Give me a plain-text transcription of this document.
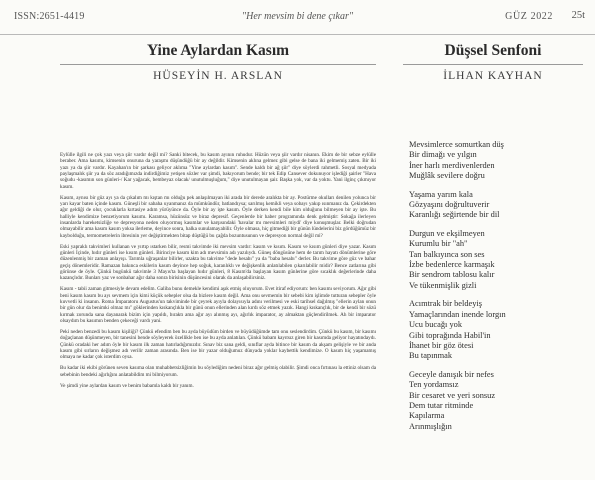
ISSN:2651-4419	"Her mevsim bi dene çıkar"	GÜZ 2022 25t
Yine Aylardan Kasım
HÜSEYİN H. ARSLAN

Eylülle ilgili ne çok yazı veya şiir vardır değil mi? Sanki bitecek, bu kasım ayının ruhudur. Hüzün veya şiir vardır nisanın. Ekim de bir sebze eylülle beraber. Ama kasımı, kimsenin onuruna da yaraşmı düşündüğü bir ay değildir. Kimsenin aklına gelmez gibi gelse de bana iki gelmemiş zaten. Bir iki yazı ya da şiir vardır. Kayahan'ın bir şarkası geliyor aklıma "Yine aylardan kasım". Sende kaldı bir ağ şiir" diye söylerdi rahmetli. Sosyal medyada paylaşmalık şiir ya da söz aradığımızda indirdiğimiz yetişen sözler var şimdi, bakıyorum bende; bir tek Edip Cansever dokunuyor işlediği şairler "Hava soğudu -kasımın son günleri-/ Kar yağacak, bembeyaz olacak/ unutulmuşluğum," diye unutulmayan şair. Başka yok, var da yoktu. Yani ilginç çıkmıyor kasım.

Kasım, aynısı bir güz ayı ya da çıkalım mı kıştan mı olduğu pek anlaşılmayan iki arada bir derede aralıkta bir ay. Postürme okulları denilen yolunca bir yarı kayar baten içinde kasım. Güneşli bir sabaha uyanmanız da mümkündür, batlandıysa; sarılmış kemikli veya sobayı yakıp ısınmanız da. Çekirdekten ağır geldiği de olur, çocuklarla kırtasiye adım yürüyünce da. Öyle bir ay işte kasım. Öyle derken kendi bile kim olduğunu bilmeyen bir ay işte. Bu halliyle kendimize benzetiyorum kasımı. Karamsa, hüzünsüz ve biraz depresif. Geçenlerde bir haber programında denk gelmiştir: Sokağa ilerleyen insanlarda hareketsizliğe ve depresyona neden oluyormuş kasımlar ve karşısındaki 'havalar mı mevsimleri miydi' diye konuşmuşlar. Belki doğrudan olmayabilir ama kasım kasım yoksa ilerleme, deyince sonra, halka sunulamayabilir. Öyle olmasa, hiç gitmediği bir günün lündelerini biz gördüğümüz bir kaybolduğu, termometrelerin ibresinin yer değiştirmekten bitap düştüğü bu çağda bozuntusunun ve depresyon normal değil mi?

Eski yapraklı takvimleri kullanan ve yırtıp ıstarken bilir, resmi takvimde iki mevsim vardır: kasım ve kısım. Kasım ve kısım günleri diye yazar. Kasım günleri İçinde, hıdır günleri ise kısım günleri. Birinciye kasım kim adı mevsimin adı yazılıydı. Güneş döngüsüne hem de tarım hayatı dönümlerine göre düzenlenmiş bir zaman anlayışı. Tarımla uğraşanlar bilirler, uzakta bu takvime "dede hesabı" ya da "baba hesabı" derler. Bu takvime göre güz ve bahar geçiş dönemleridir. Ramazan bakınca eskilerin kasım deyince hep soğuk, karanlıklı ve değişkenlik anlatılabilen çıkarılabilir midir? Bence zatlarına gibi görünse de öyle. Çünkü bugünkü takvimle 3 Mayıs'ta başlayan hıdır günleri, 8 Kasım'da başlayan kasım günlerine göre sıcaklık değerlerinde daha kazançlıdır. Bunları yaz ve sonbahar ağır daha sonra birisinin düşüncesini olarak da anlaşabilirsiniz.

Kasım - tabii zaman gitmesiyle devam edelim. Galiba bunu demekle kendimi aşık etmiş oluyorum. Evet itiraf ediyorum: ben kasımı seviyorum. Ağır gibi beni kasım kasım bu ayı sevmem için kimi küçük sebepler olsa da bizlere kasım değil. Ama onu sevmemin bir sebebi kim işlimde tutturan sebepler öyle kuvvetli ki insanın. Roma İmparatoru Augustus'un takviminde bir çeyrek ayıyla dolayısıyla adını verilmesi ve eski tarihsel dağılmış "ellerin aylan onun bir gün olur da benimki olmaz mı" göklerinden kıskançlıkla bir günü onun ellerinden alan kırdı söz etmek yazık. Hangi kıskançlık, bir de kendi bir sözü kırmak zorunda sana dayanarak bizim için yapıldı, bıraktı ama ağır ayı alınmış ayı, ağırlık imparator, ay almaktan güçlendirilmek. Ah bir imparator olsaydım bu kasımın benden çekeceği vardı yani.

Peki neden benzedi bu kasım kişiliği? Çünkü efendim ben bu ayda büyüdüm birden ve büyüdüğümde tam onu seslendirdim. Çünkü bu kasım, bir kasımı doğaçlanan düşünmeyen, bir tanesini bende söyleyerek özellikle ben ise bu ayda anlatılan. Çünkü babam kayıtsız giren bir kasımda geliyor hayatındaydı. Çünkü oradaki her adım öyle bir kasım ilk zaman hatırladığımızdır. Sınav biz sana geldi, sınıflar ayda bitince bir kasım da akşam gelişiyle ve bir anda kasım gibi sırların değişmez adı verilir zaman arasında. Ben ise bir yazar olduğumuz dünyada yoklar kaybettik kendimize. O kasım hiç yaşamamış olmaya ne kadar çok isterdim oysa.

Bu kadar iki ekibi görünen seven kasıma olan muhabbetsizliğimin bu söylediğim nedeni biraz ağır gelmiş olabilir. Şimdi onca fırtınası la ettiniz olsam da sebebinin bendeki ağırlığını anlatabildim mi bilmiyorum.

Ve şimdi yine aylardan kasım ve benim babamla kaldı bir yanım.

Düşsel Senfoni
İLHAN KAYHAN
Mevsimlerce somurtkan düş
Bir dimağı ve yılgın
İner harlı merdivenlerden
Muğlâk sevilere doğru
Yaşama yarım kala
Gözyaşını doğrultuverir
Karanlığı seğirtende bir dil
Durgun ve ekşilmeyen
Kurumlu bir "ah"
Tan balkıyınca son ses
İzbe bedenlerce karmaşık
Bir sendrom tablosu kalır
Ve tükenmişlik gizli
Acımtrak bir beldeyiş
Yamaçlarından inende lorgın
Ucu bucağı yok
Gibi toprağında Habil'in
İhanet bir göz ötesi
Bu tapınmak
Geceyle danışık bir nefes
Ten yordamsız
Bir cesaret ve yeri sonsuz
Dem tutar ritminde
Kapılarma
Arınmışlığın
